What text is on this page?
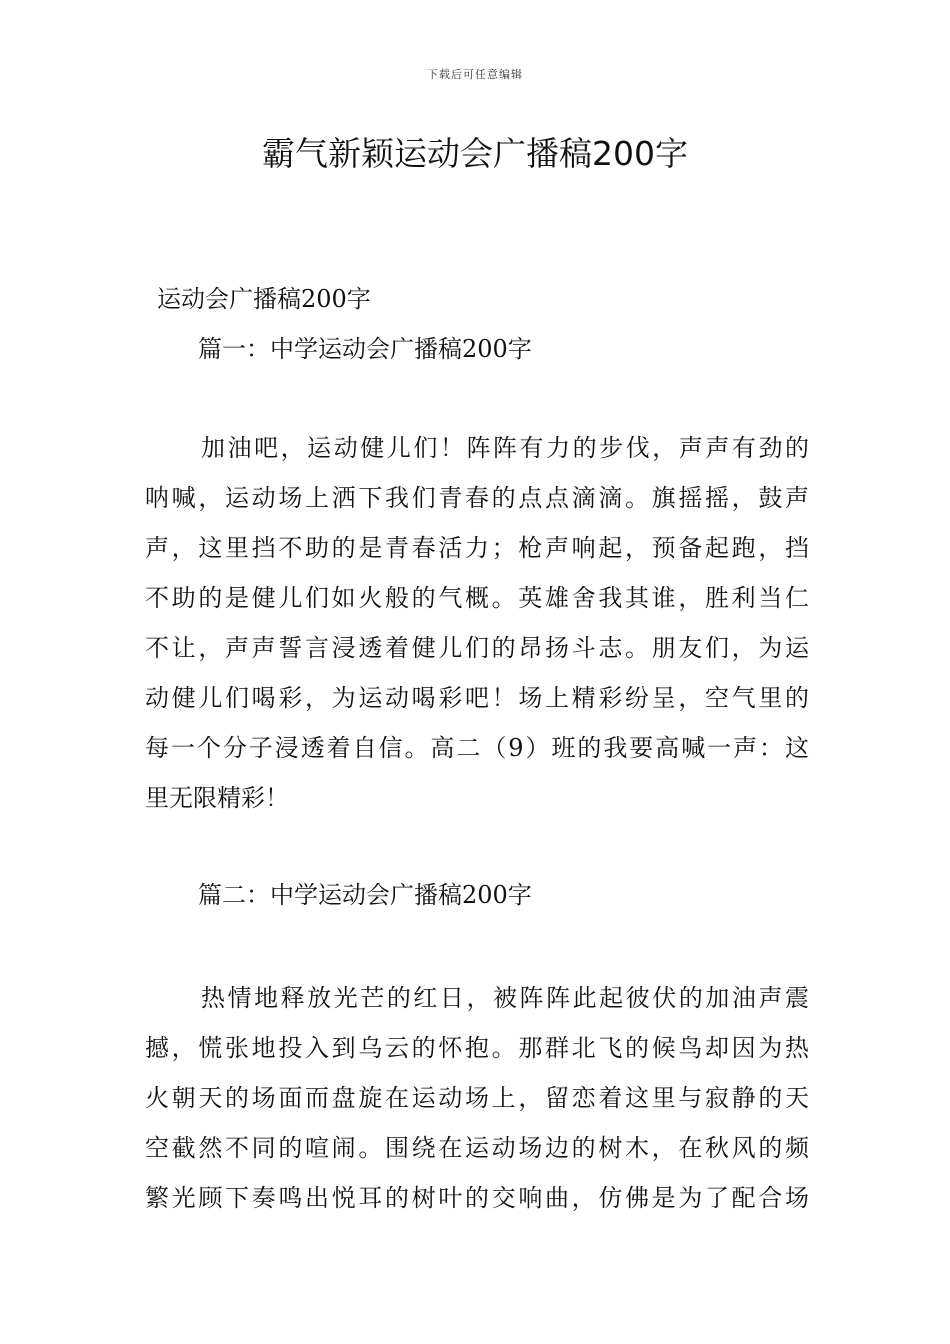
下载后可任意编辑
霸气新颖运动会广播稿200字

运动会广播稿200字

篇一：中学运动会广播稿200字

加油吧，运动健儿们！阵阵有力的步伐，声声有劲的
呐喊，运动场上洒下我们青春的点点滴滴。旗摇摇，鼓声
声，这里挡不助的是青春活力；枪声响起，预备起跑，挡
不助的是健儿们如火般的气概。英雄舍我其谁，胜利当仁
不让，声声誓言浸透着健儿们的昂扬斗志。朋友们，为运
动健儿们喝彩，为运动喝彩吧！场上精彩纷呈，空气里的
每一个分子浸透着自信。高二（9）班的我要高喊一声：这
里无限精彩！

篇二：中学运动会广播稿200字

热情地释放光芒的红日，被阵阵此起彼伏的加油声震
撼，慌张地投入到乌云的怀抱。那群北飞的候鸟却因为热
火朝天的场面而盘旋在运动场上，留恋着这里与寂静的天
空截然不同的喧闹。围绕在运动场边的树木，在秋风的频
繁光顾下奏鸣出悦耳的树叶的交响曲，仿佛是为了配合场
